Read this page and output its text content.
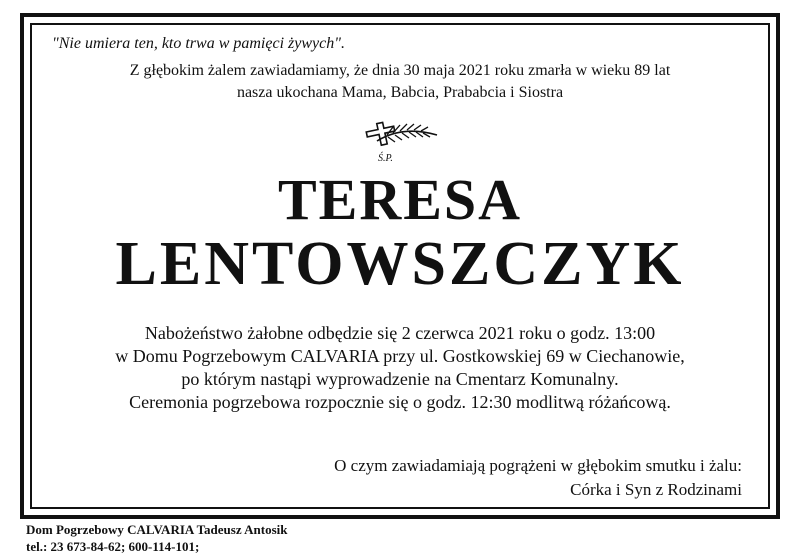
"Nie umiera ten, kto trwa w pamięci żywych".
Z głębokim żalem zawiadamiamy, że dnia 30 maja 2021 roku zmarła w wieku 89 lat
nasza ukochana Mama, Babcia, Prababcia i Siostra
Ś.P.
TERESA
LENTOWSZCZYK
Nabożeństwo żałobne odbędzie się 2 czerwca 2021 roku o godz. 13:00
w Domu Pogrzebowym CALVARIA przy ul. Gostkowskiej 69 w Ciechanowie,
po którym nastąpi wyprowadzenie na Cmentarz Komunalny.
Ceremonia pogrzebowa rozpocznie się o godz. 12:30 modlitwą różańcową.
O czym zawiadamiają pogrążeni w głębokim smutku i żalu:
Córka i Syn z Rodzinami
Dom Pogrzebowy CALVARIA Tadeusz Antosik
tel.: 23 673-84-62; 600-114-101;
